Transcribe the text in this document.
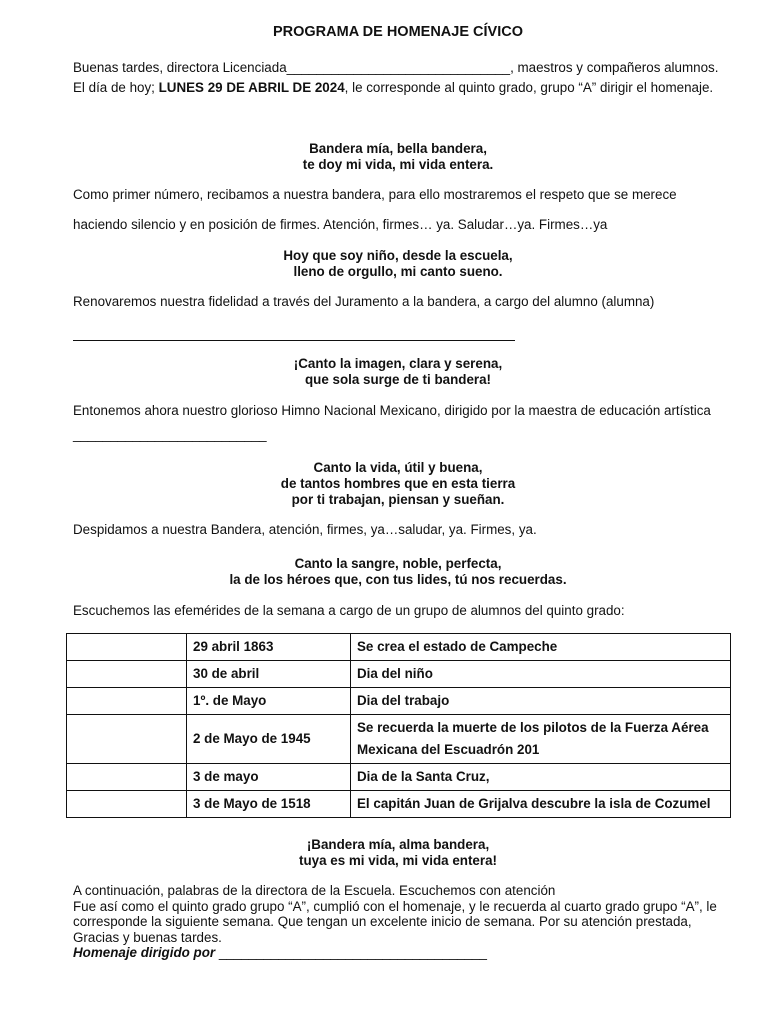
PROGRAMA DE HOMENAJE CÍVICO
Buenas tardes, directora Licenciada______________________________, maestros y compañeros alumnos. El día de hoy; LUNES 29 DE ABRIL DE 2024, le corresponde al quinto grado, grupo “A” dirigir el homenaje.
Bandera mía, bella bandera,
te doy mi vida, mi vida entera.
Como primer número, recibamos a nuestra bandera, para ello mostraremos el respeto que se merece haciendo silencio y en posición de firmes. Atención, firmes… ya. Saludar…ya. Firmes…ya
Hoy que soy niño, desde la escuela,
lleno de orgullo, mi canto sueno.
Renovaremos nuestra fidelidad a través del Juramento a la bandera, a cargo del alumno (alumna)
¡Canto la imagen, clara y serena,
que sola surge de ti bandera!
Entonemos ahora nuestro glorioso Himno Nacional Mexicano, dirigido por la maestra de educación artística __________________________
Canto la vida, útil y buena,
de tantos hombres que en esta tierra
por ti trabajan, piensan y sueñan.
Despidamos a nuestra Bandera, atención, firmes, ya…saludar, ya. Firmes, ya.
Canto la sangre, noble, perfecta,
la de los héroes que, con tus lides, tú nos recuerdas.
Escuchemos las efemérides de la semana a cargo de un grupo de alumnos del quinto grado:
¡Bandera mía, alma bandera,
tuya es mi vida, mi vida entera!
A continuación, palabras de la directora de la Escuela. Escuchemos con atención
Fue así como el quinto grado grupo “A”, cumplió con el homenaje, y le recuerda al cuarto grado grupo “A”, le corresponde la siguiente semana. Que tengan un excelente inicio de semana. Por su atención prestada, Gracias y buenas tardes.
Homenaje dirigido por ____________________________________
	29 abril 1863	Se crea el estado de Campeche
	30 de abril	Dia del niño
	1º. de Mayo	Dia del trabajo
	2 de Mayo de 1945	Se recuerda la muerte de los pilotos de la Fuerza Aérea Mexicana del Escuadrón 201
	3 de mayo	Dia de la Santa Cruz,
	3 de Mayo de 1518	El capitán Juan de Grijalva descubre la isla de Cozumel
